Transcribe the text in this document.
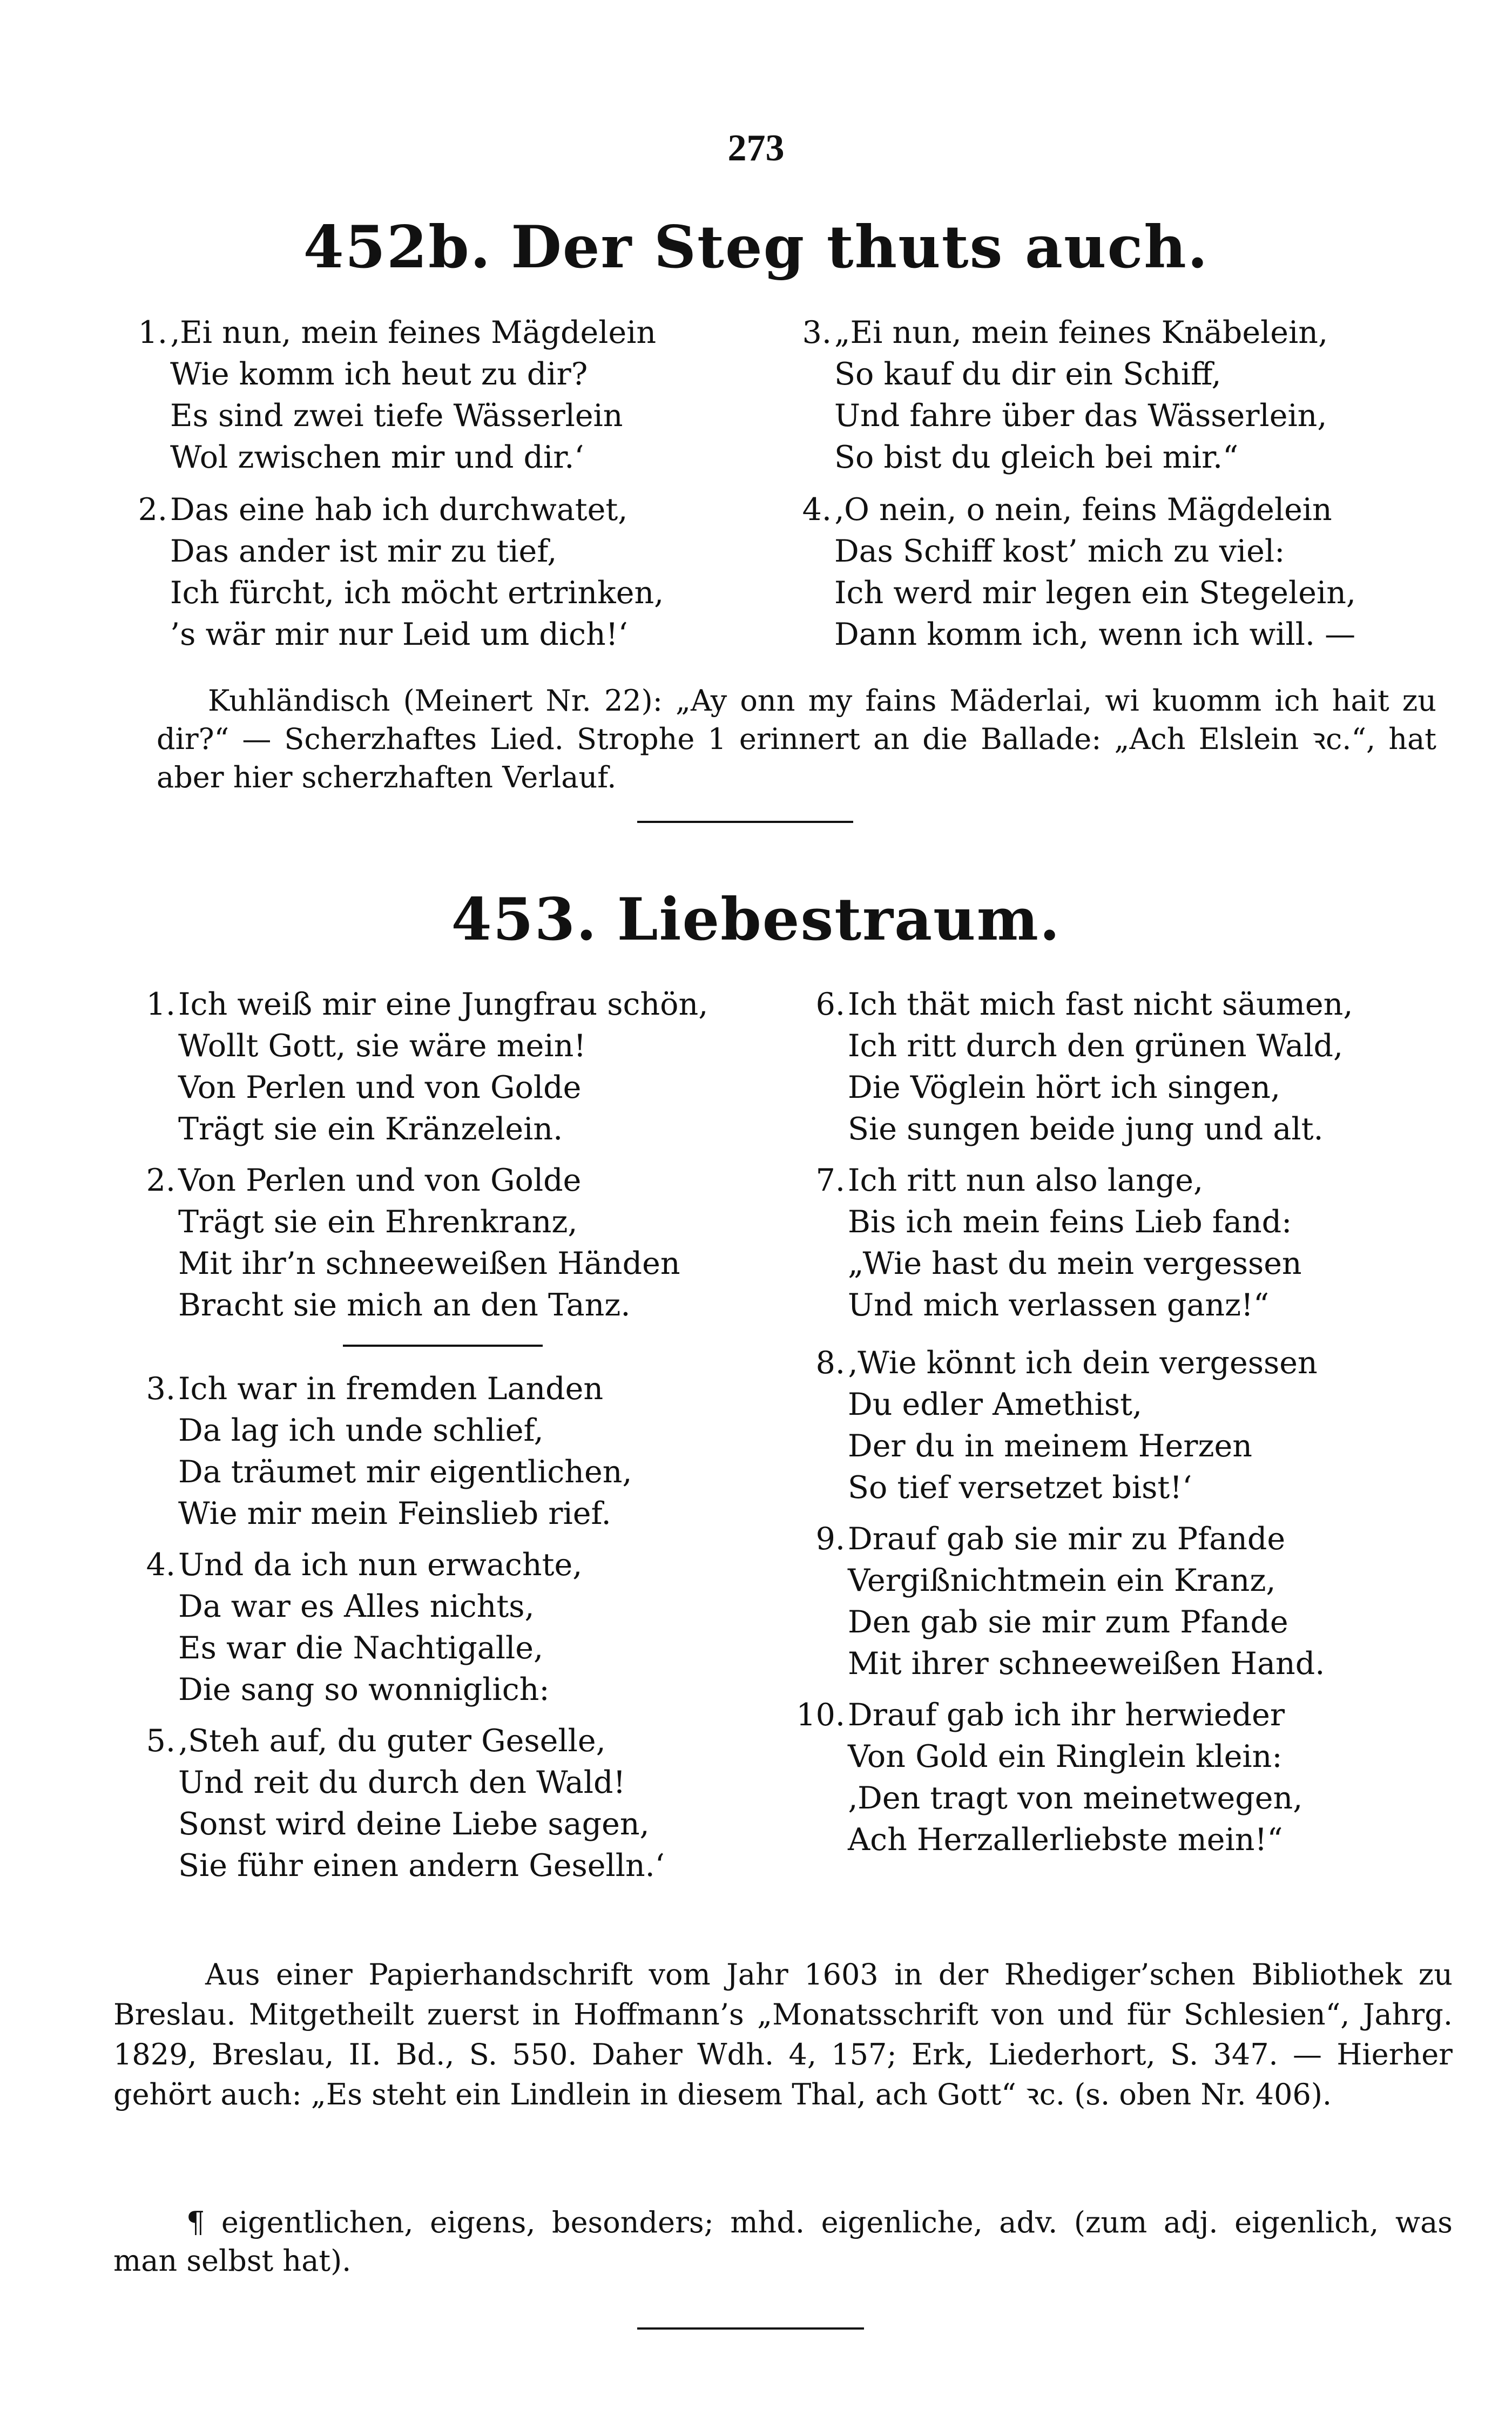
273
452b. Der Steg thuts auch.
1. ‚Ei nun, mein feines Mägdelein
Wie komm ich heut zu dir?
Es sind zwei tiefe Wässerlein
Wol zwischen mir und dir.‘
2. Das eine hab ich durchwatet,
Das ander ist mir zu tief,
Ich fürcht, ich möcht ertrinken,
’s wär mir nur Leid um dich!‘
3. „Ei nun, mein feines Knäbelein,
So kauf du dir ein Schiff,
Und fahre über das Wässerlein,
So bist du gleich bei mir.“
4. ‚O nein, o nein, feins Mägdelein
Das Schiff kost’ mich zu viel:
Ich werd mir legen ein Stegelein,
Dann komm ich, wenn ich will. —
Kuhländisch (Meinert Nr. 22): „Ay onn my fains Mäderlai, wi kuomm ich hait zu dir?“ — Scherzhaftes Lied. Strophe 1 erinnert an die Ballade: „Ach Elslein ꝛc.“, hat aber hier scherzhaften Verlauf.
453. Liebestraum.
1. Ich weiß mir eine Jungfrau schön,
Wollt Gott, sie wäre mein!
Von Perlen und von Golde
Trägt sie ein Kränzelein.
2. Von Perlen und von Golde
Trägt sie ein Ehrenkranz,
Mit ihr’n schneeweißen Händen
Bracht sie mich an den Tanz.
3. Ich war in fremden Landen
Da lag ich unde schlief,
Da träumet mir eigentlichen,
Wie mir mein Feinslieb rief.
4. Und da ich nun erwachte,
Da war es Alles nichts,
Es war die Nachtigalle,
Die sang so wonniglich:
5. ‚Steh auf, du guter Geselle,
Und reit du durch den Wald!
Sonst wird deine Liebe sagen,
Sie führ einen andern Geselln.‘
6. Ich thät mich fast nicht säumen,
Ich ritt durch den grünen Wald,
Die Vöglein hört ich singen,
Sie sungen beide jung und alt.
7. Ich ritt nun also lange,
Bis ich mein feins Lieb fand:
„Wie hast du mein vergessen
Und mich verlassen ganz!“
8. ‚Wie könnt ich dein vergessen
Du edler Amethist,
Der du in meinem Herzen
So tief versetzet bist!‘
9. Drauf gab sie mir zu Pfande
Vergißnichtmein ein Kranz,
Den gab sie mir zum Pfande
Mit ihrer schneeweißen Hand.
10. Drauf gab ich ihr herwieder
Von Gold ein Ringlein klein:
‚Den tragt von meinetwegen,
Ach Herzallerliebste mein!“
Aus einer Papierhandschrift vom Jahr 1603 in der Rhediger’schen Bibliothek zu Breslau. Mitgetheilt zuerst in Hoffmann’s „Monatsschrift von und für Schlesien“, Jahrg. 1829, Breslau, II. Bd., S. 550. Daher Wdh. 4, 157; Erk, Liederhort, S. 347. — Hierher gehört auch: „Es steht ein Lindlein in diesem Thal, ach Gott“ ꝛc. (s. oben Nr. 406).
¶ eigentlichen, eigens, besonders; mhd. eigenliche, adv. (zum adj. eigenlich, was man selbst hat).
